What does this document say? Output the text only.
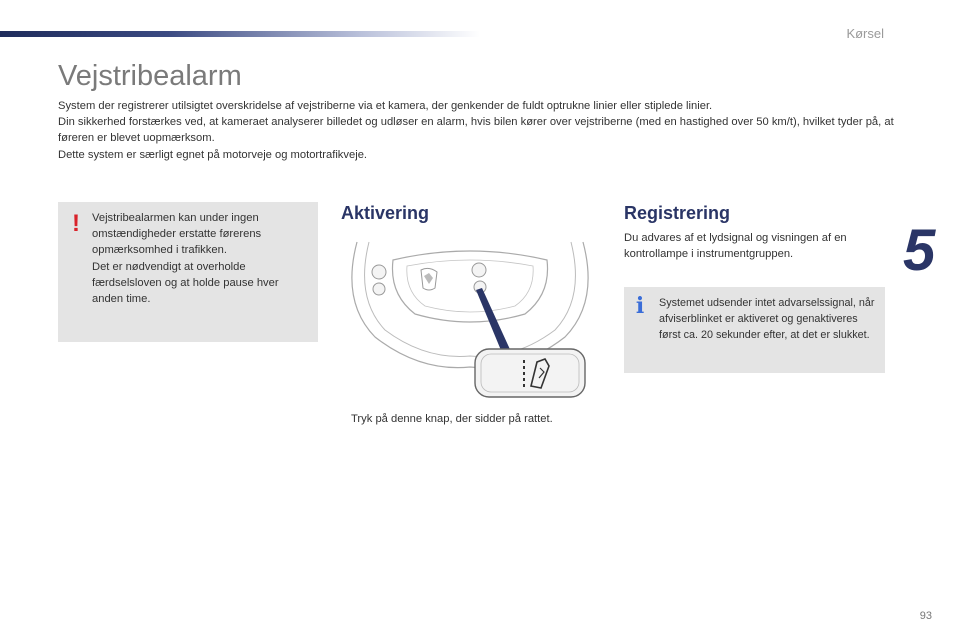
Kørsel
5
Vejstribealarm

System der registrerer utilsigtet overskridelse af vejstriberne via et kamera, der genkender de fuldt optrukne linier eller stiplede linier.

Din sikkerhed forstærkes ved, at kameraet analyserer billedet og udløser en alarm, hvis bilen kører over vejstriberne (med en hastighed over 50 km/t), hvilket tyder på, at føreren er blevet uopmærksom.

Dette system er særligt egnet på motorveje og motortrafikveje.

! Vejstribealarmen kan under ingen omstændigheder erstatte førerens opmærksomhed i trafikken.

Det er nødvendigt at overholde færdselsloven og at holde pause hver anden time.

Aktivering
Tryk på denne knap, der sidder på rattet.
Registrering
Du advares af et lydsignal og visningen af en kontrollampe i instrumentgruppen.
i Systemet udsender intet advarselssignal, når afviserblinket er aktiveret og genaktiveres først ca. 20 sekunder efter, at det er slukket.
93
